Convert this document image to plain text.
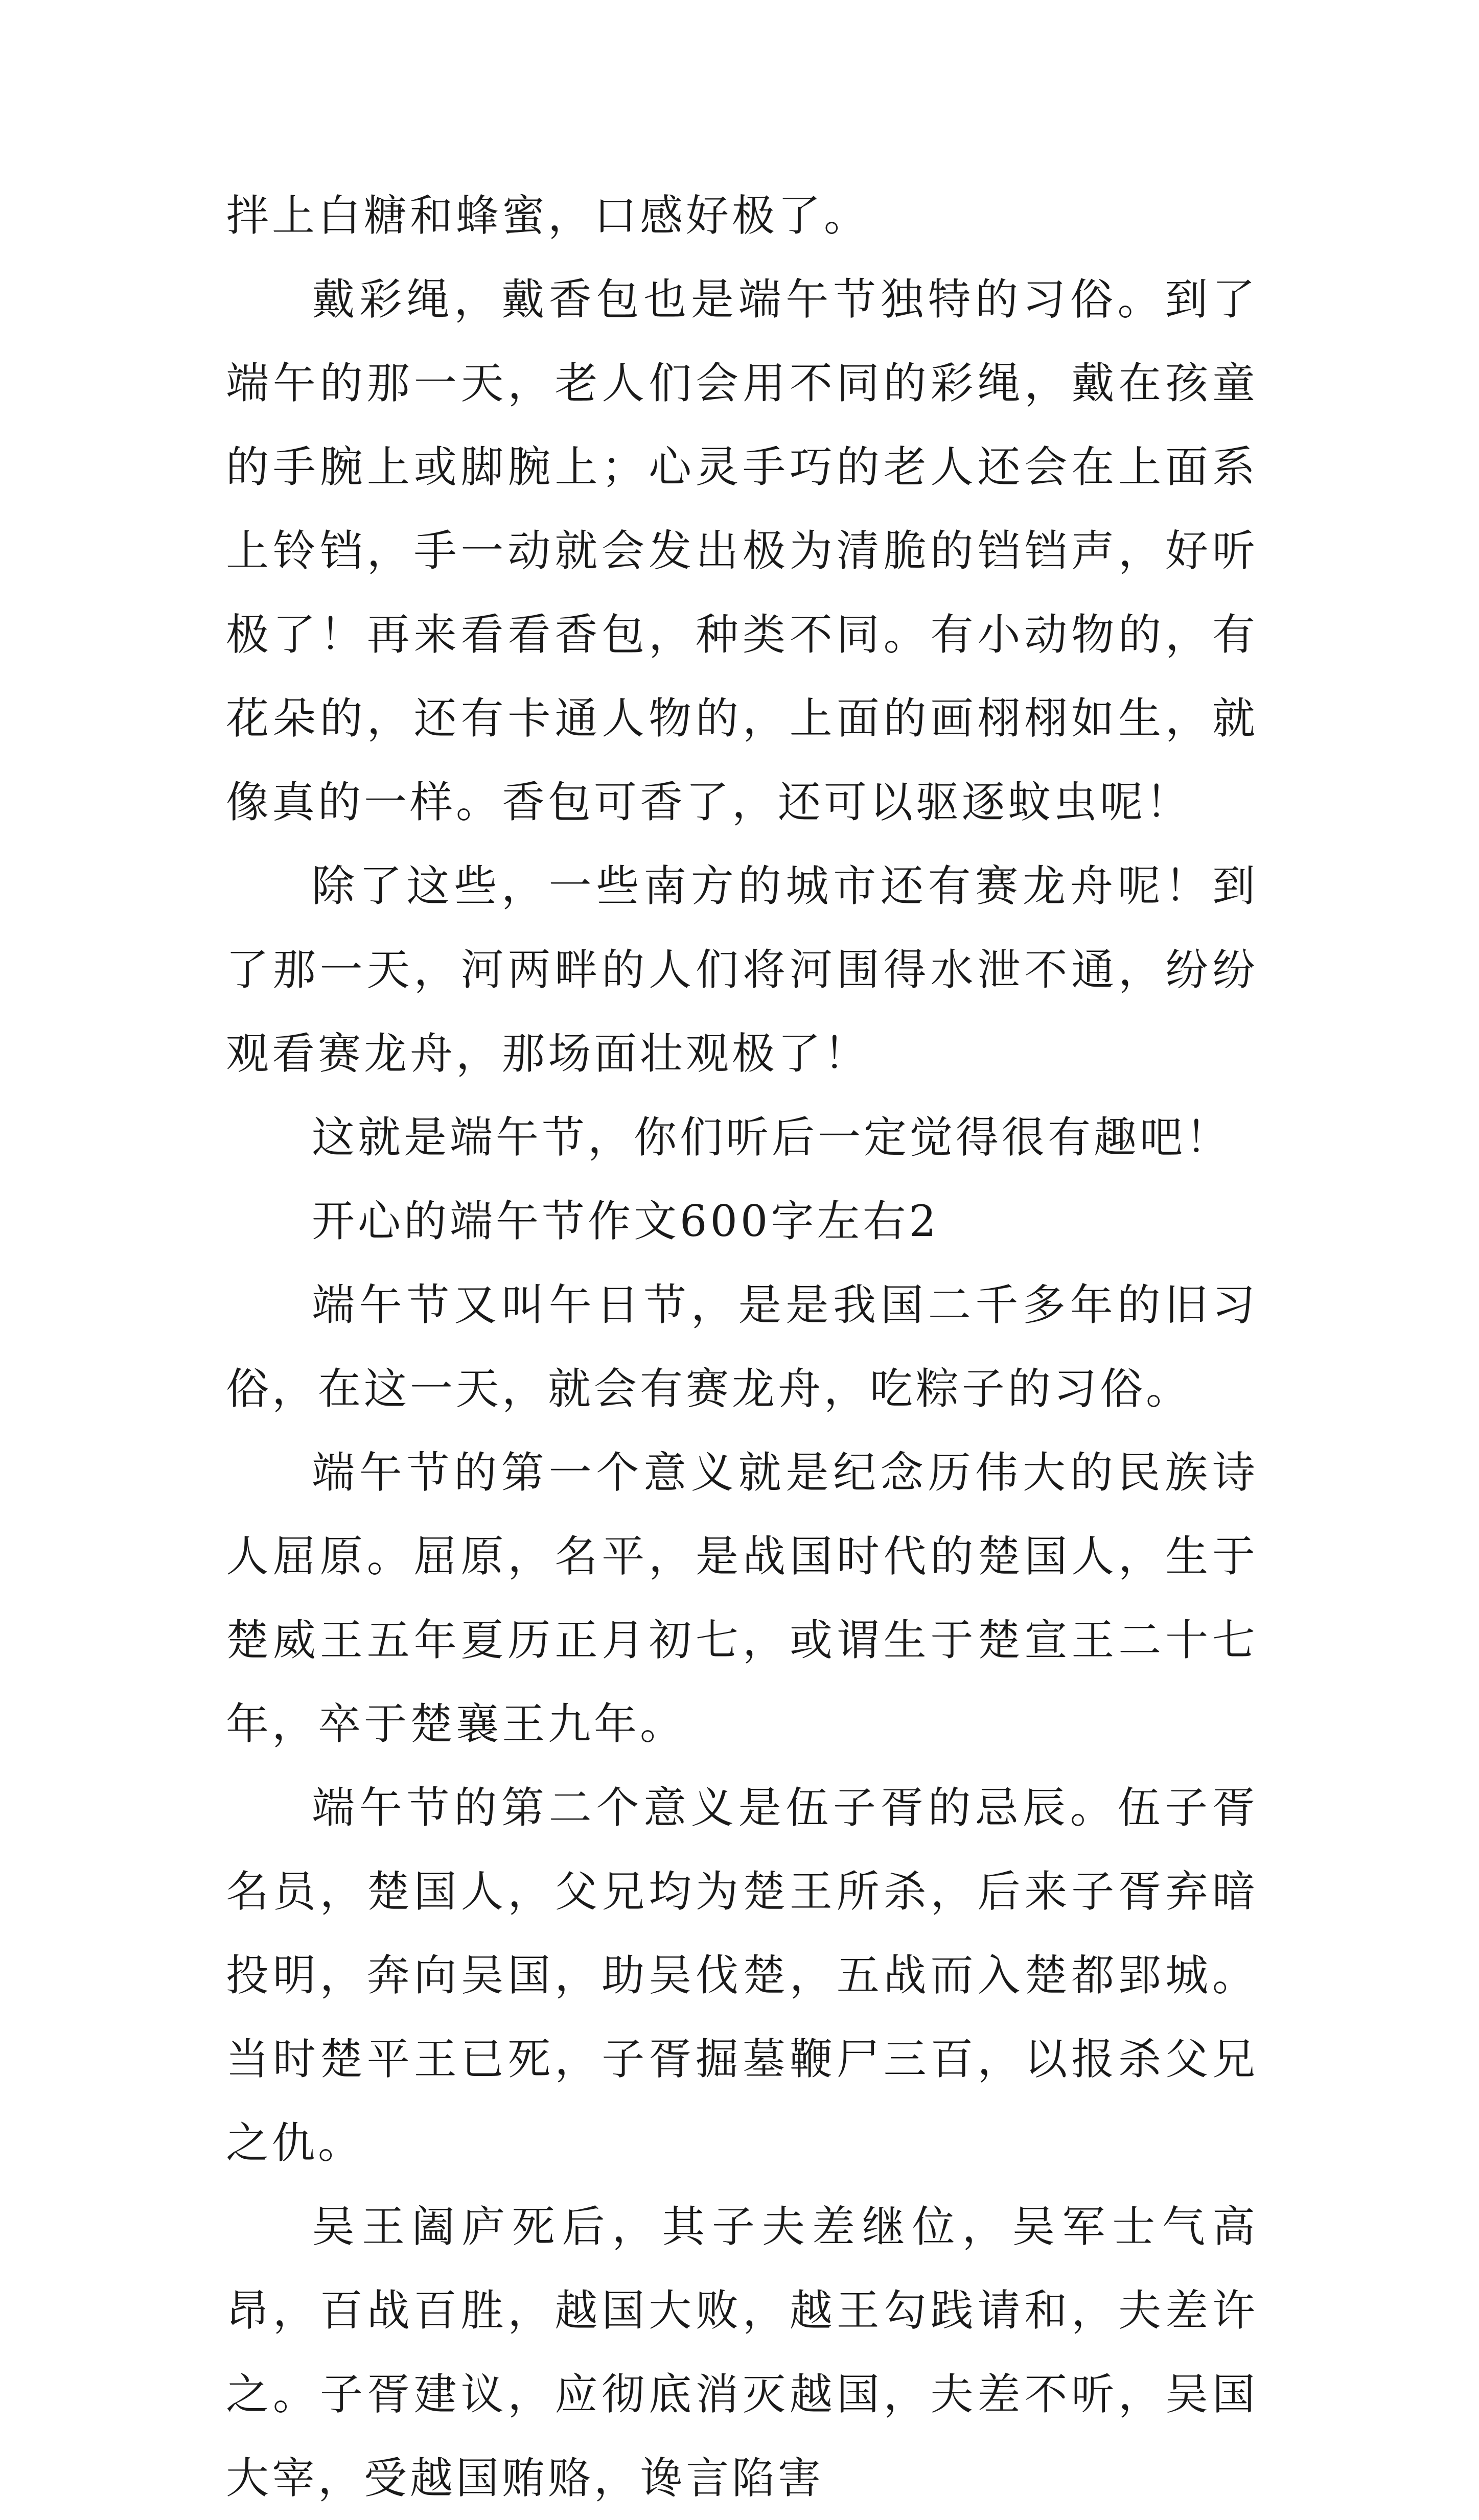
拌上白糖和蜂蜜，口感好极了。

戴彩绳，戴香包也是端午节独特的习俗。到了端午的那一天，老人们会用不同的彩绳，戴在孩童的手腕上或脚腕上；心灵手巧的老人还会在上面系上铃铛，手一动就会发出极为清脆的铛铛声，好听极了！再来看看香包，种类不同。有小动物的，有花朵的，还有卡通人物的，上面的画栩栩如生，就像真的一样。香包可香了，还可以驱逐蚊虫呢！

除了这些，一些南方的城市还有赛龙舟呢！到了那一天，河两畔的人们将河围得水泄不通，纷纷观看赛龙舟，那场面壮观极了！

这就是端午节，你们听后一定觉得很有趣吧！

开心的端午节作文600字左右2

端午节又叫午日节，是是我国二千多年的旧习俗，在这一天，就会有赛龙舟，吃粽子的习俗。

端午节的第一个意义就是纪念历伟大的民族诗人屈原。屈原，名平，是战国时代的楚国人，生于楚威王五年夏历正月初七，或谓生于楚宣王二十七年，卒于楚襄王九年。

端午节的第二个意义是伍子胥的忌辰。伍子胥名员，楚国人，父兄均为楚王所杀，后来子胥弃暗投明，奔向吴国，助吴伐楚，五战而入楚都郢城。当时楚平王已死，子胥掘墓鞭尸三百，以报杀父兄之仇。

吴王阖庐死后，其子夫差继位，吴军士气高昂，百战百胜，越国大败，越王勾践请和，夫差许之。子胥建议，应彻底消灭越国，夫差不听，吴国大宰，受越国贿赂，谗言陷害
